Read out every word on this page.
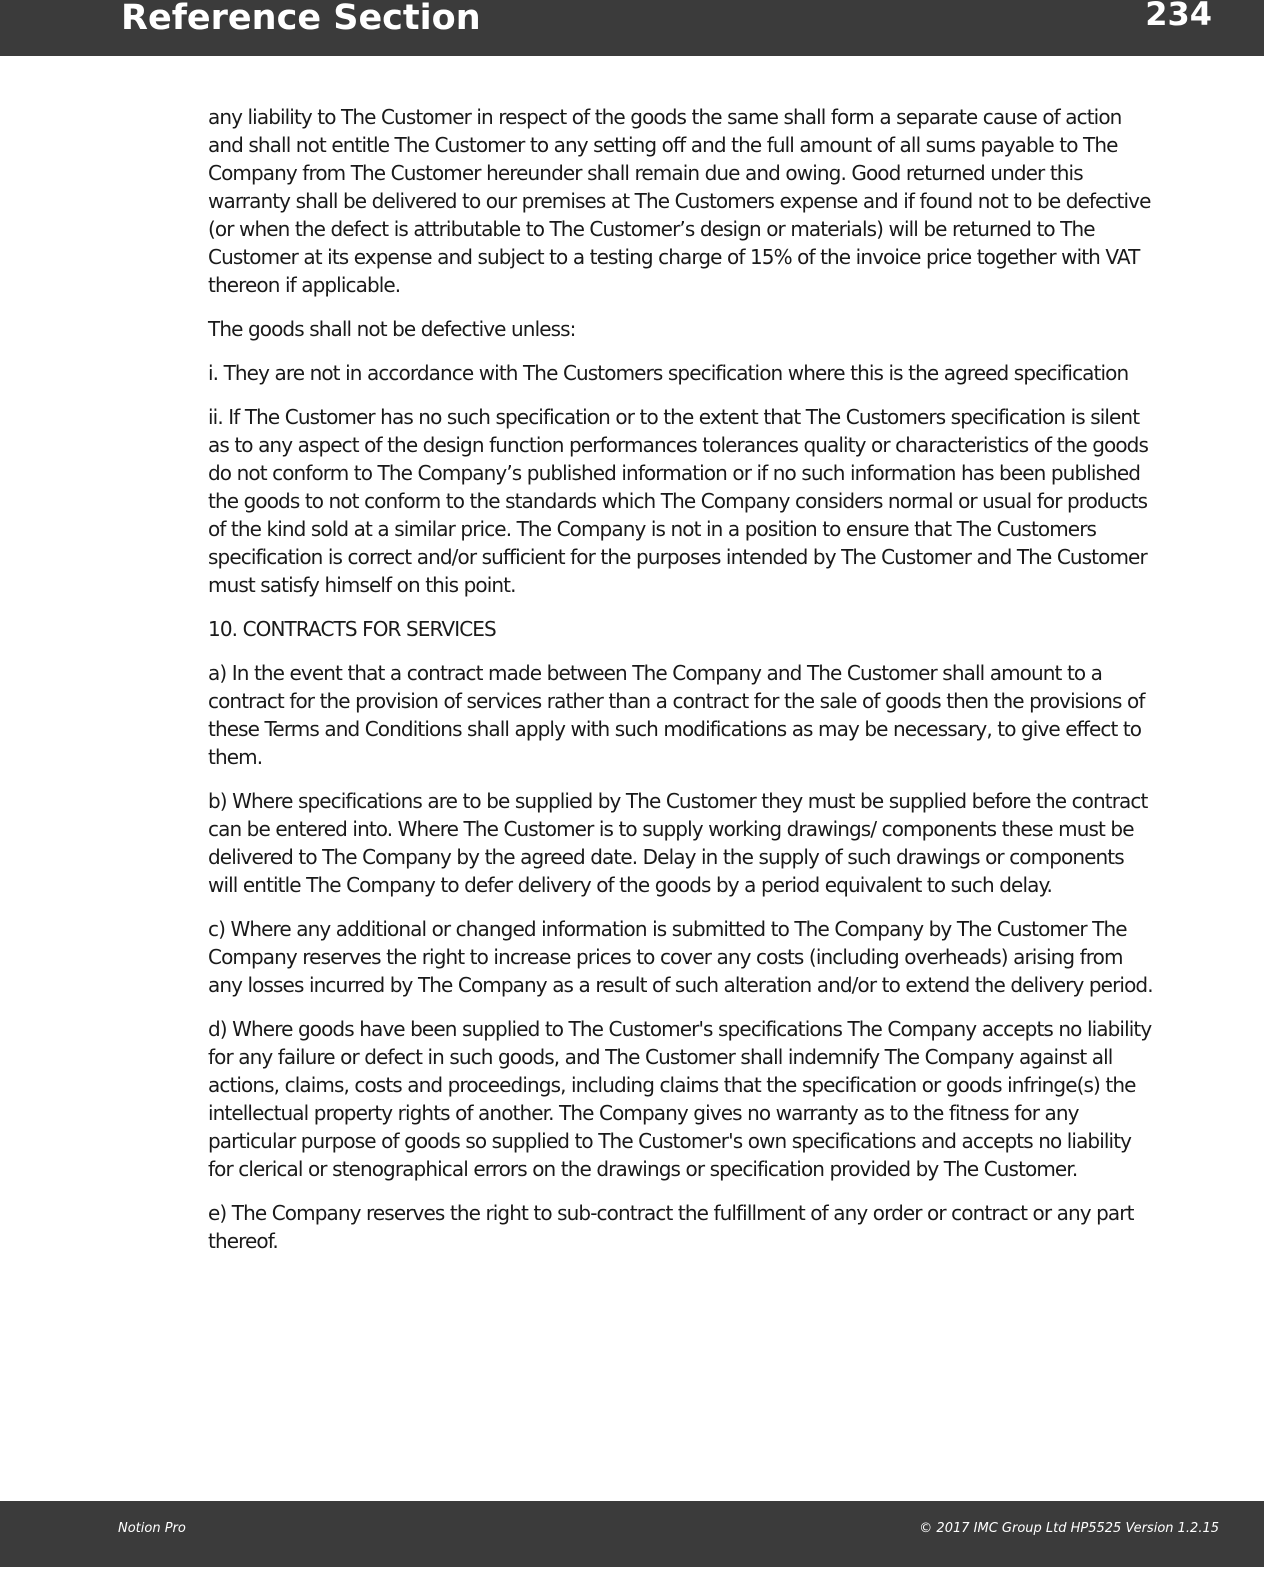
Reference Section	234

any liability to The Customer in respect of the goods the same shall form a separate cause of action and shall not entitle The Customer to any setting off and the full amount of all sums payable to The Company from The Customer hereunder shall remain due and owing. Good returned under this warranty shall be delivered to our premises at The Customers expense and if found not to be defective (or when the defect is attributable to The Customer’s design or materials) will be returned to The Customer at its expense and subject to a testing charge of 15% of the invoice price together with VAT thereon if applicable.

The goods shall not be defective unless:

i. They are not in accordance with The Customers specification where this is the agreed specification

ii. If The Customer has no such specification or to the extent that The Customers specification is silent as to any aspect of the design function performances tolerances quality or characteristics of the goods do not conform to The Company’s published information or if no such information has been published the goods to not conform to the standards which The Company considers normal or usual for products of the kind sold at a similar price. The Company is not in a position to ensure that The Customers specification is correct and/or sufficient for the purposes intended by The Customer and The Customer must satisfy himself on this point.

10. CONTRACTS FOR SERVICES

a) In the event that a contract made between The Company and The Customer shall amount to a contract for the provision of services rather than a contract for the sale of goods then the provisions of these Terms and Conditions shall apply with such modifications as may be necessary, to give effect to them.

b) Where specifications are to be supplied by The Customer they must be supplied before the contract can be entered into. Where The Customer is to supply working drawings/ components these must be delivered to The Company by the agreed date. Delay in the supply of such drawings or components will entitle The Company to defer delivery of the goods by a period equivalent to such delay.

c) Where any additional or changed information is submitted to The Company by The Customer The Company reserves the right to increase prices to cover any costs (including overheads) arising from any losses incurred by The Company as a result of such alteration and/or to extend the delivery period.

d) Where goods have been supplied to The Customer's specifications The Company accepts no liability for any failure or defect in such goods, and The Customer shall indemnify The Company against all actions, claims, costs and proceedings, including claims that the specification or goods infringe(s) the intellectual property rights of another. The Company gives no warranty as to the fitness for any particular purpose of goods so supplied to The Customer's own specifications and accepts no liability for clerical or stenographical errors on the drawings or specification provided by The Customer.

e) The Company reserves the right to sub-contract the fulfillment of any order or contract or any part thereof.

Notion Pro	© 2017 IMC Group Ltd HP5525 Version 1.2.15
